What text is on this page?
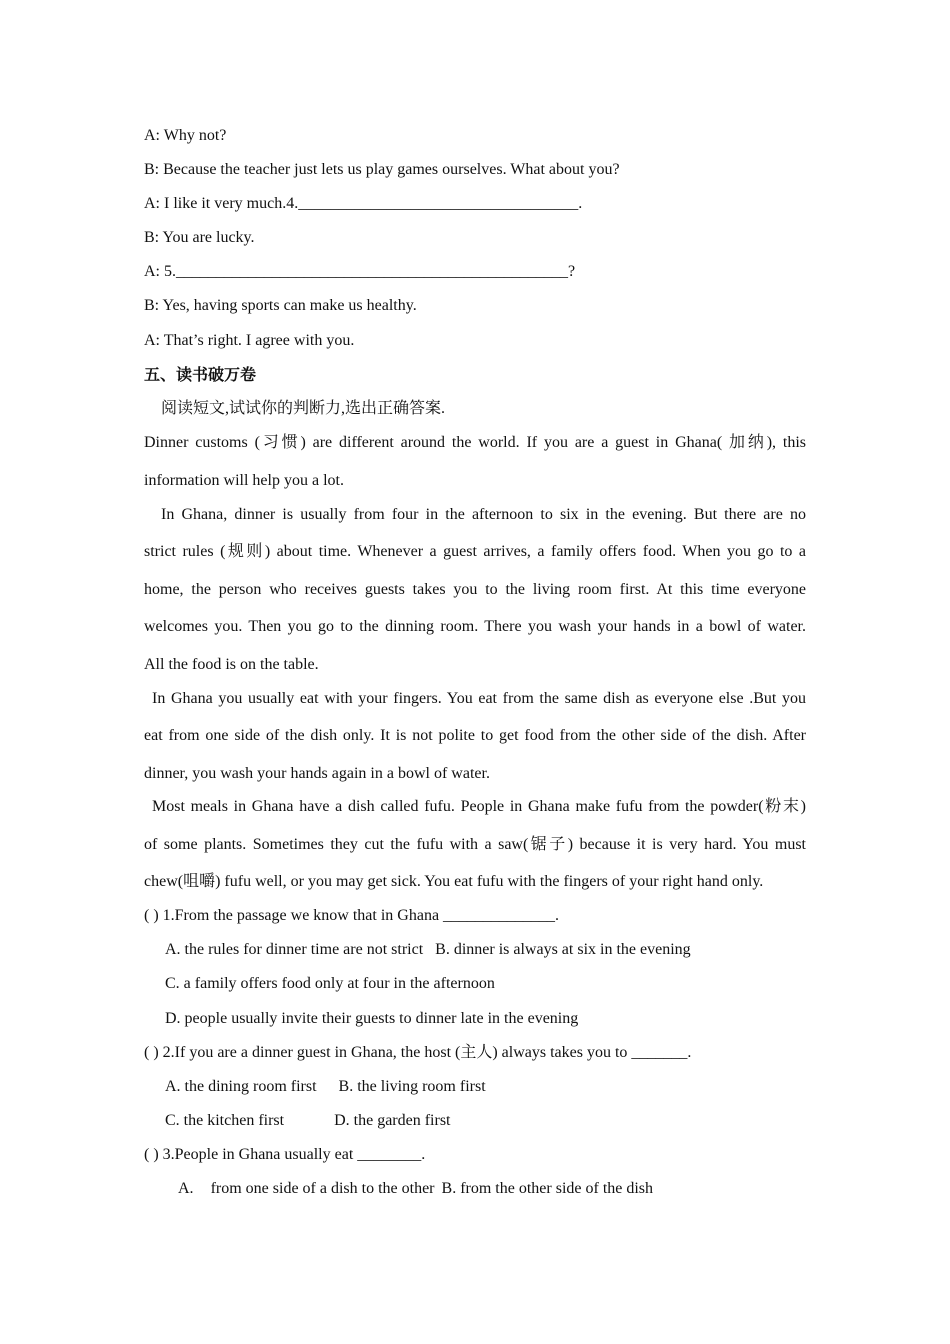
A: Why not?
B: Because the teacher just lets us play games ourselves. What about you?
A: I like it very much.4.___________________________________.
B: You are lucky.
A: 5._________________________________________________?
B: Yes, having sports can make us healthy.
A: That’s right. I agree with you.
五、读书破万卷
阅读短文,试试你的判断力,选出正确答案.
Dinner customs (习惯) are different around the world. If you are a guest in Ghana( 加纳), this
information will help you a lot.
In Ghana, dinner is usually from four in the afternoon to six in the evening. But there are no
strict rules (规则) about time. Whenever a guest arrives, a family offers food. When you go to a
home, the person who receives guests takes you to the living room first. At this time everyone
welcomes you. Then you go to the dinning room. There you wash your hands in a bowl of water.
All the food is on the table.
In Ghana you usually eat with your fingers. You eat from the same dish as everyone else .But you
eat from one side of the dish only. It is not polite to get food from the other side of the dish. After
dinner, you wash your hands again in a bowl of water.
Most meals in Ghana have a dish called fufu. People in Ghana make fufu from the powder(粉末)
of some plants. Sometimes they cut the fufu with a saw(锯子) because it is very hard. You must
chew(咀嚼) fufu well, or you may get sick. You eat fufu with the fingers of your right hand only.
( ) 1.From the passage we know that in Ghana ______________.
A. the rules for dinner time are not strict B. dinner is always at six in the evening
C. a family offers food only at four in the afternoon
D. people usually invite their guests to dinner late in the evening
( ) 2.If you are a dinner guest in Ghana, the host (主人) always takes you to _______.
A. the dining room first B. the living room first
C. the kitchen first	D. the garden first
( ) 3.People in Ghana usually eat ________.
A. from one side of a dish to the other B. from the other side of the dish
